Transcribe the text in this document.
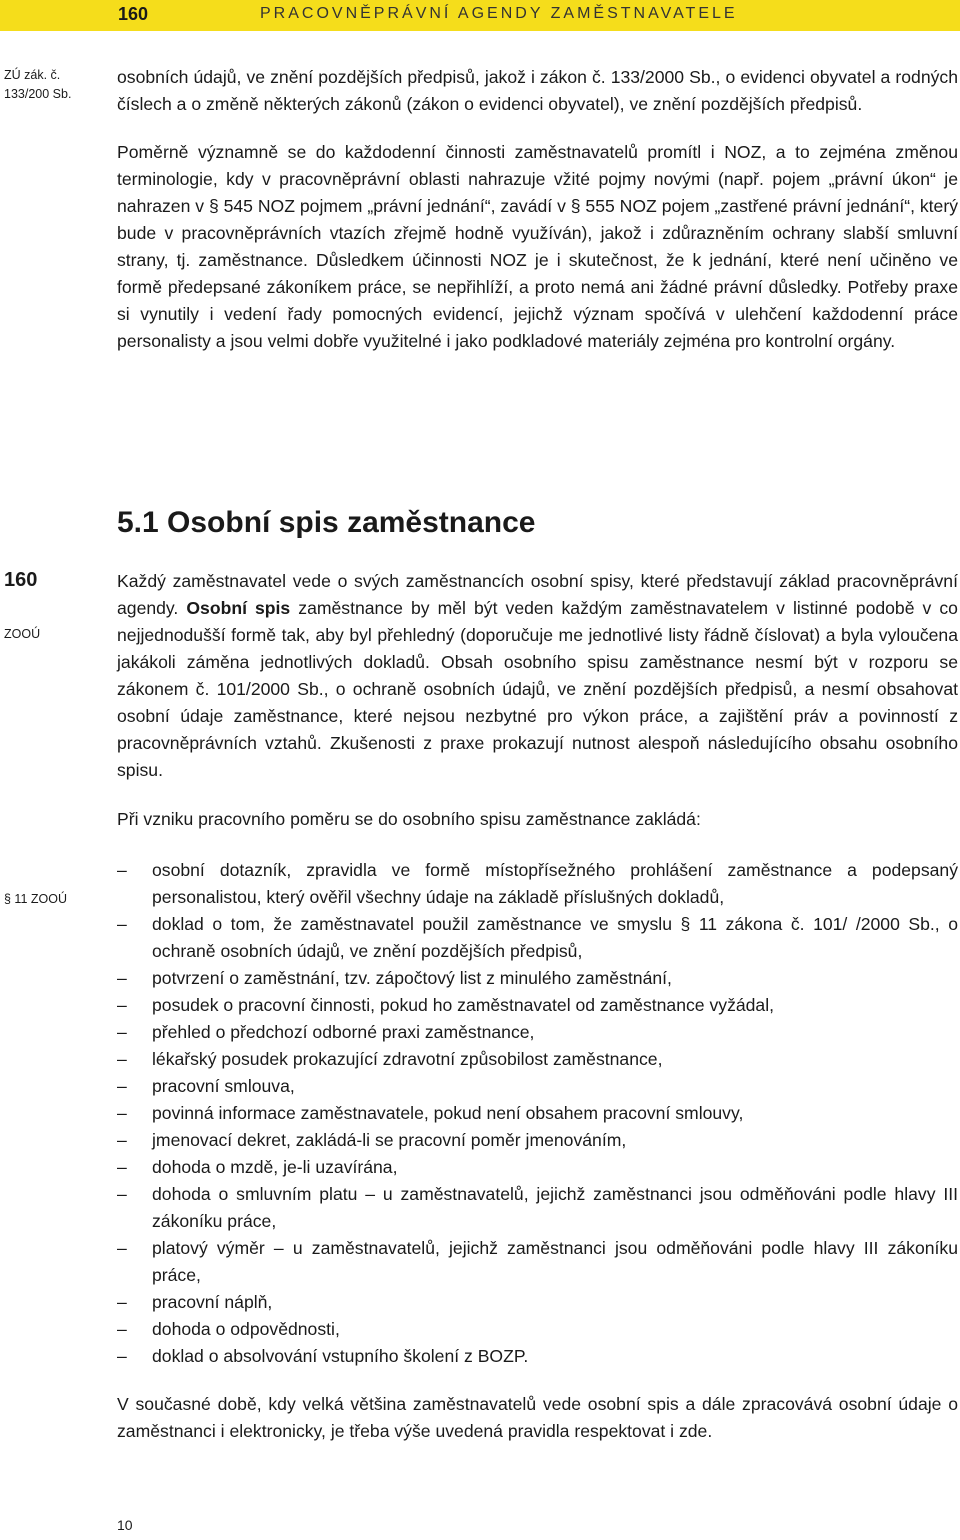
160	PRACOVNĚPRÁVNÍ AGENDY ZAMĚSTNAVATELE
ZÚ zák. č.
133/200 Sb.
160
ZOOÚ
§ 11 ZOOÚ

osobních údajů, ve znění pozdějších předpisů, jakož i zákon č. 133/2000 Sb., o evidenci obyvatel a rodných číslech a o změně některých zákonů (zákon o evidenci obyvatel), ve znění pozdějších předpisů.

Poměrně významně se do každodenní činnosti zaměstnavatelů promítl i NOZ, a to zejména změnou terminologie, kdy v pracovněprávní oblasti nahrazuje vžité pojmy novými (např. pojem „právní úkon“ je nahrazen v § 545 NOZ pojmem „právní jednání“, zavádí v § 555 NOZ pojem „zastřené právní jednání“, který bude v pracovněprávních vtazích zřejmě hodně využíván), jakož i zdůrazněním ochrany slabší smluvní strany, tj. zaměstnance. Důsledkem účinnosti NOZ je i skutečnost, že k jednání, které není učiněno ve formě předepsané zákoníkem práce, se nepřihlíží, a proto nemá ani žádné právní důsledky. Potřeby praxe si vynutily i vedení řady pomocných evidencí, jejichž význam spočívá v ulehčení každodenní práce personalisty a jsou velmi dobře využitelné i jako podkladové materiály zejména pro kontrolní orgány.

5.1 Osobní spis zaměstnance

Každý zaměstnavatel vede o svých zaměstnancích osobní spisy, které představují základ pracovněprávní agendy. Osobní spis zaměstnance by měl být veden každým zaměstnavatelem v listinné podobě v co nejjednodušší formě tak, aby byl přehledný (doporučuje me jednotlivé listy řádně číslovat) a byla vyloučena jakákoli záměna jednotlivých dokladů. Obsah osobního spisu zaměstnance nesmí být v rozporu se zákonem č. 101/2000 Sb., o ochraně osobních údajů, ve znění pozdějších předpisů, a nesmí obsahovat osobní údaje zaměstnance, které nejsou nezbytné pro výkon práce, a zajištění práv a povinností z pracovněprávních vztahů. Zkušenosti z praxe prokazují nutnost alespoň následujícího obsahu osobního spisu.

Při vzniku pracovního poměru se do osobního spisu zaměstnance zakládá:

– osobní dotazník, zpravidla ve formě místopřísežného prohlášení zaměstnance a podepsaný personalistou, který ověřil všechny údaje na základě příslušných dokladů,
– doklad o tom, že zaměstnavatel použil zaměstnance ve smyslu § 11 zákona č. 101/ /2000 Sb., o ochraně osobních údajů, ve znění pozdějších předpisů,
– potvrzení o zaměstnání, tzv. zápočtový list z minulého zaměstnání,
– posudek o pracovní činnosti, pokud ho zaměstnavatel od zaměstnance vyžádal,
– přehled o předchozí odborné praxi zaměstnance,
– lékařský posudek prokazující zdravotní způsobilost zaměstnance,
– pracovní smlouva,
– povinná informace zaměstnavatele, pokud není obsahem pracovní smlouvy,
– jmenovací dekret, zakládá-li se pracovní poměr jmenováním,
– dohoda o mzdě, je-li uzavírána,
– dohoda o smluvním platu – u zaměstnavatelů, jejichž zaměstnanci jsou odměňováni podle hlavy III zákoníku práce,
– platový výměr – u zaměstnavatelů, jejichž zaměstnanci jsou odměňováni podle hlavy III zákoníku práce,
– pracovní náplň,
– dohoda o odpovědnosti,
– doklad o absolvování vstupního školení z BOZP.

V současné době, kdy velká většina zaměstnavatelů vede osobní spis a dále zpracovává osobní údaje o zaměstnanci i elektronicky, je třeba výše uvedená pravidla respektovat i zde.

10
